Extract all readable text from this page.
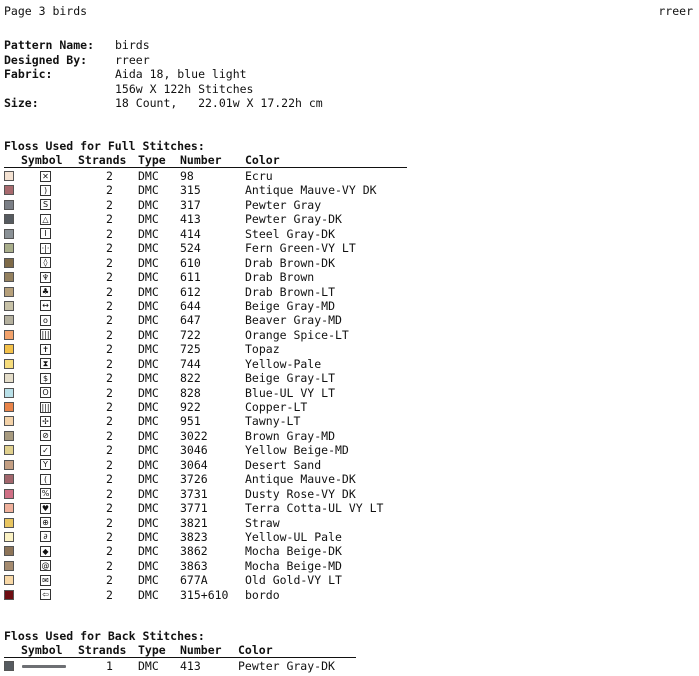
Page 3 birds	rreer
Pattern Name: birds
Designed By: rreer
Fabric:	Aida 18, blue light
156w X 122h Stitches
Size:	18 Count,   22.01w X 17.22h cm
Floss Used for Full Stitches:
Symbol Strands Type Number Color
✕	2 DMC 98	Ecru
)	2 DMC 315	Antique Mauve-VY DK
S	2 DMC 317	Pewter Gray
△	2 DMC 413	Pewter Gray-DK
I	2 DMC 414	Steel Gray-DK
·|·	2 DMC 524	Fern Green-VY LT
◊	2 DMC 610	Drab Brown-DK
♆	2 DMC 611	Drab Brown
♣	2 DMC 612	Drab Brown-LT
↔	2 DMC 644	Beige Gray-MD
o	2 DMC 647	Beaver Gray-MD
|||	2 DMC 722	Orange Spice-LT
✝	2 DMC 725	Topaz
⧗	2 DMC 744	Yellow-Pale
$	2 DMC 822	Beige Gray-LT
O	2 DMC 828	Blue-UL VY LT
|||	2 DMC 922	Copper-LT
✢	2 DMC 951	Tawny-LT
⊘	2 DMC 3022	Brown Gray-MD
✓	2 DMC 3046	Yellow Beige-MD
Y	2 DMC 3064	Desert Sand
(	2 DMC 3726	Antique Mauve-DK
%	2 DMC 3731	Dusty Rose-VY DK
♥	2 DMC 3771	Terra Cotta-UL VY LT
⊕	2 DMC 3821	Straw
∂	2 DMC 3823	Yellow-UL Pale
◆	2 DMC 3862	Mocha Beige-DK
@	2 DMC 3863	Mocha Beige-MD
✉	2 DMC 677A	Old Gold-VY LT
⇦	2 DMC 315+610 bordo
Floss Used for Back Stitches:
Symbol Strands Type Number Color
1 DMC 413	Pewter Gray-DK
